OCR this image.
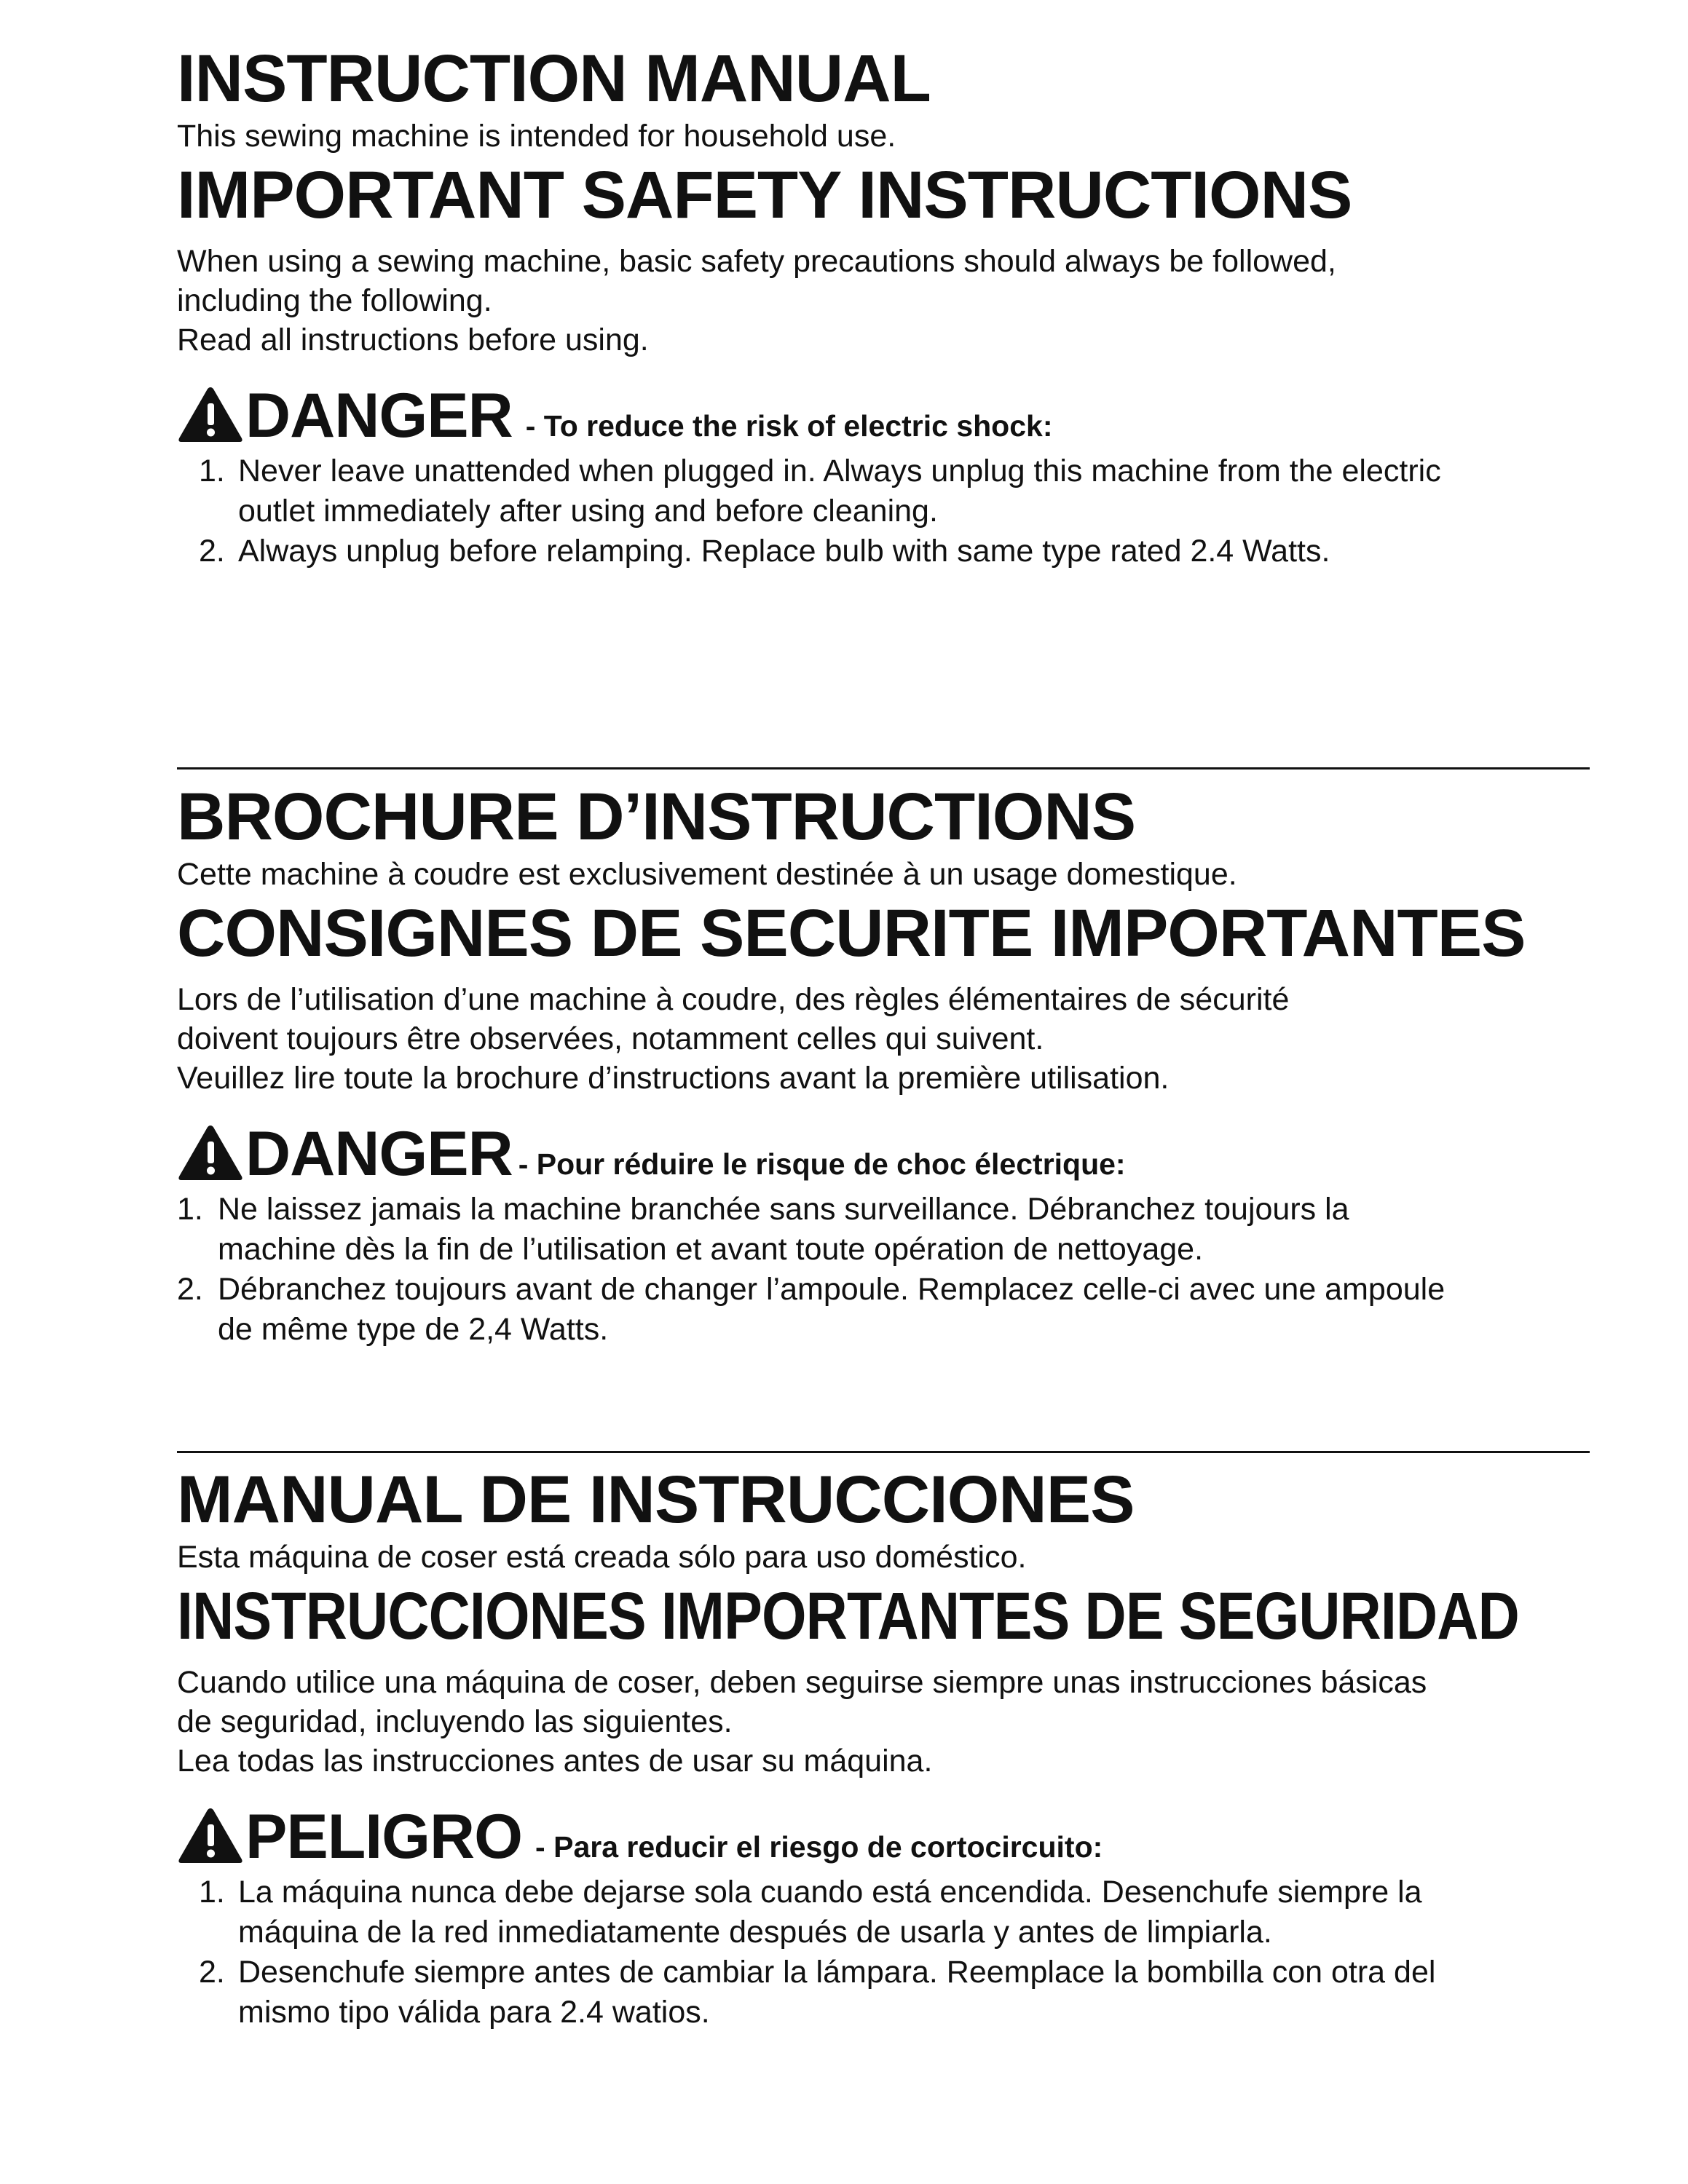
INSTRUCTION MANUAL

This sewing machine is intended for household use.

IMPORTANT SAFETY INSTRUCTIONS
When using a sewing machine, basic safety precautions should always be followed,
including the following.
Read all instructions before using.
DANGER - To reduce the risk of electric shock:
1. Never leave unattended when plugged in. Always unplug this machine from the electric
outlet immediately after using and before cleaning.
2. Always unplug before relamping. Replace bulb with same type rated 2.4 Watts.
BROCHURE D’INSTRUCTIONS

Cette machine à coudre est exclusivement destinée à un usage domestique.

CONSIGNES DE SECURITE IMPORTANTES
Lors de l’utilisation d’une machine à coudre, des règles élémentaires de sécurité
doivent toujours être observées, notamment celles qui suivent.
Veuillez lire toute la brochure d’instructions avant la première utilisation.
DANGER - Pour réduire le risque de choc électrique:
1. Ne laissez jamais la machine branchée sans surveillance. Débranchez toujours la
machine dès la fin de l’utilisation et avant toute opération de nettoyage.
2. Débranchez toujours avant de changer l’ampoule. Remplacez celle-ci avec une ampoule
de même type de 2,4 Watts.
MANUAL DE INSTRUCCIONES

Esta máquina de coser está creada sólo para uso doméstico.

INSTRUCCIONES IMPORTANTES DE SEGURIDAD
Cuando utilice una máquina de coser, deben seguirse siempre unas instrucciones básicas
de seguridad, incluyendo las siguientes.
Lea todas las instrucciones antes de usar su máquina.
PELIGRO - Para reducir el riesgo de cortocircuito:
1. La máquina nunca debe dejarse sola cuando está encendida. Desenchufe siempre la
máquina de la red inmediatamente después de usarla y antes de limpiarla.
2. Desenchufe siempre antes de cambiar la lámpara. Reemplace la bombilla con otra del
mismo tipo válida para 2.4 watios.
